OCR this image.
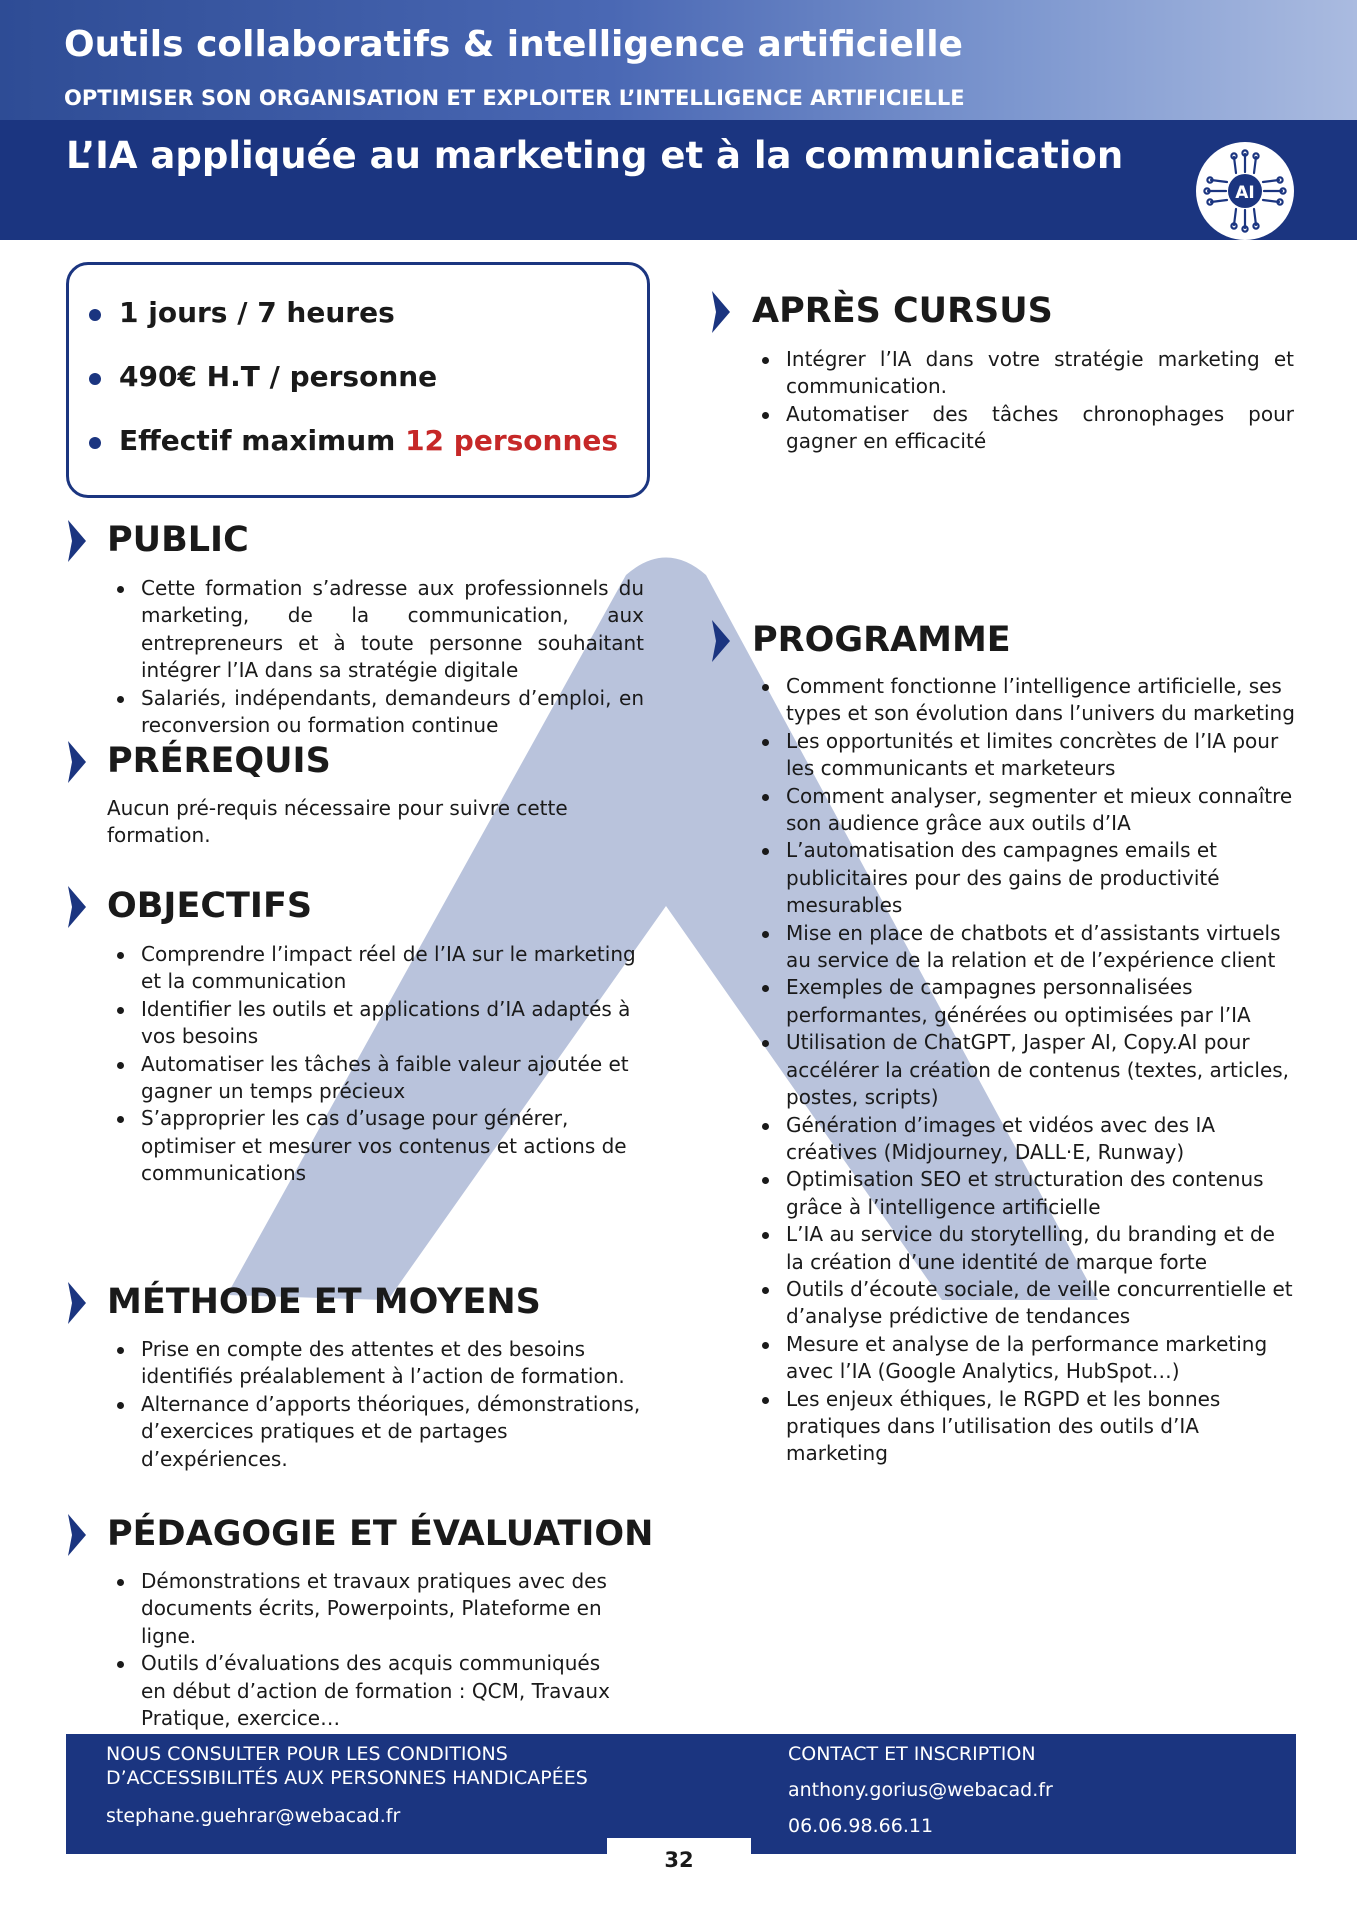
Outils collaboratifs & intelligence artificielle
OPTIMISER SON ORGANISATION ET EXPLOITER L’INTELLIGENCE ARTIFICIELLE
L’IA appliquée au marketing et à la communication
AI
1 jours / 7 heures
490€ H.T / personne
Effectif maximum 12 personnes
PUBLIC
Cette formation s’adresse aux professionnels du marketing, de la communication, aux entrepreneurs et à toute personne souhaitant intégrer l’IA dans sa stratégie digitale
Salariés, indépendants, demandeurs d’emploi, en reconversion ou formation continue
PRÉREQUIS

Aucun pré-requis nécessaire pour suivre cette formation.

OBJECTIFS
Comprendre l’impact réel de l’IA sur le marketing et la communication
Identifier les outils et applications d’IA adaptés à vos besoins
Automatiser les tâches à faible valeur ajoutée et gagner un temps précieux
S’approprier les cas d’usage pour générer, optimiser et mesurer vos contenus et actions de communications
MÉTHODE ET MOYENS
Prise en compte des attentes et des besoins identifiés préalablement à l’action de formation.
Alternance d’apports théoriques, démonstrations, d’exercices pratiques et de partages d’expériences.
PÉDAGOGIE ET ÉVALUATION
Démonstrations et travaux pratiques avec des documents écrits, Powerpoints, Plateforme en ligne.
Outils d’évaluations des acquis communiqués en début d’action de formation : QCM, Travaux Pratique, exercice…
APRÈS CURSUS
Intégrer l’IA dans votre stratégie marketing et communication.
Automatiser des tâches chronophages pour gagner en efficacité
PROGRAMME
Comment fonctionne l’intelligence artificielle, ses types et son évolution dans l’univers du marketing
Les opportunités et limites concrètes de l’IA pour les communicants et marketeurs
Comment analyser, segmenter et mieux connaître son audience grâce aux outils d’IA
L’automatisation des campagnes emails et publicitaires pour des gains de productivité mesurables
Mise en place de chatbots et d’assistants virtuels au service de la relation et de l’expérience client
Exemples de campagnes personnalisées performantes, générées ou optimisées par l’IA
Utilisation de ChatGPT, Jasper AI, Copy.AI pour accélérer la création de contenus (textes, articles, postes, scripts)
Génération d’images et vidéos avec des IA créatives (Midjourney, DALL·E, Runway)
Optimisation SEO et structuration des contenus grâce à l’intelligence artificielle
L’IA au service du storytelling, du branding et de la création d’une identité de marque forte
Outils d’écoute sociale, de veille concurrentielle et d’analyse prédictive de tendances
Mesure et analyse de la performance marketing avec l’IA (Google Analytics, HubSpot…)
Les enjeux éthiques, le RGPD et les bonnes pratiques dans l’utilisation des outils d’IA marketing
NOUS CONSULTER POUR LES CONDITIONS
D’ACCESSIBILITÉS AUX PERSONNES HANDICAPÉES
stephane.guehrar@webacad.fr
CONTACT ET INSCRIPTION
anthony.gorius@webacad.fr
06.06.98.66.11
32
